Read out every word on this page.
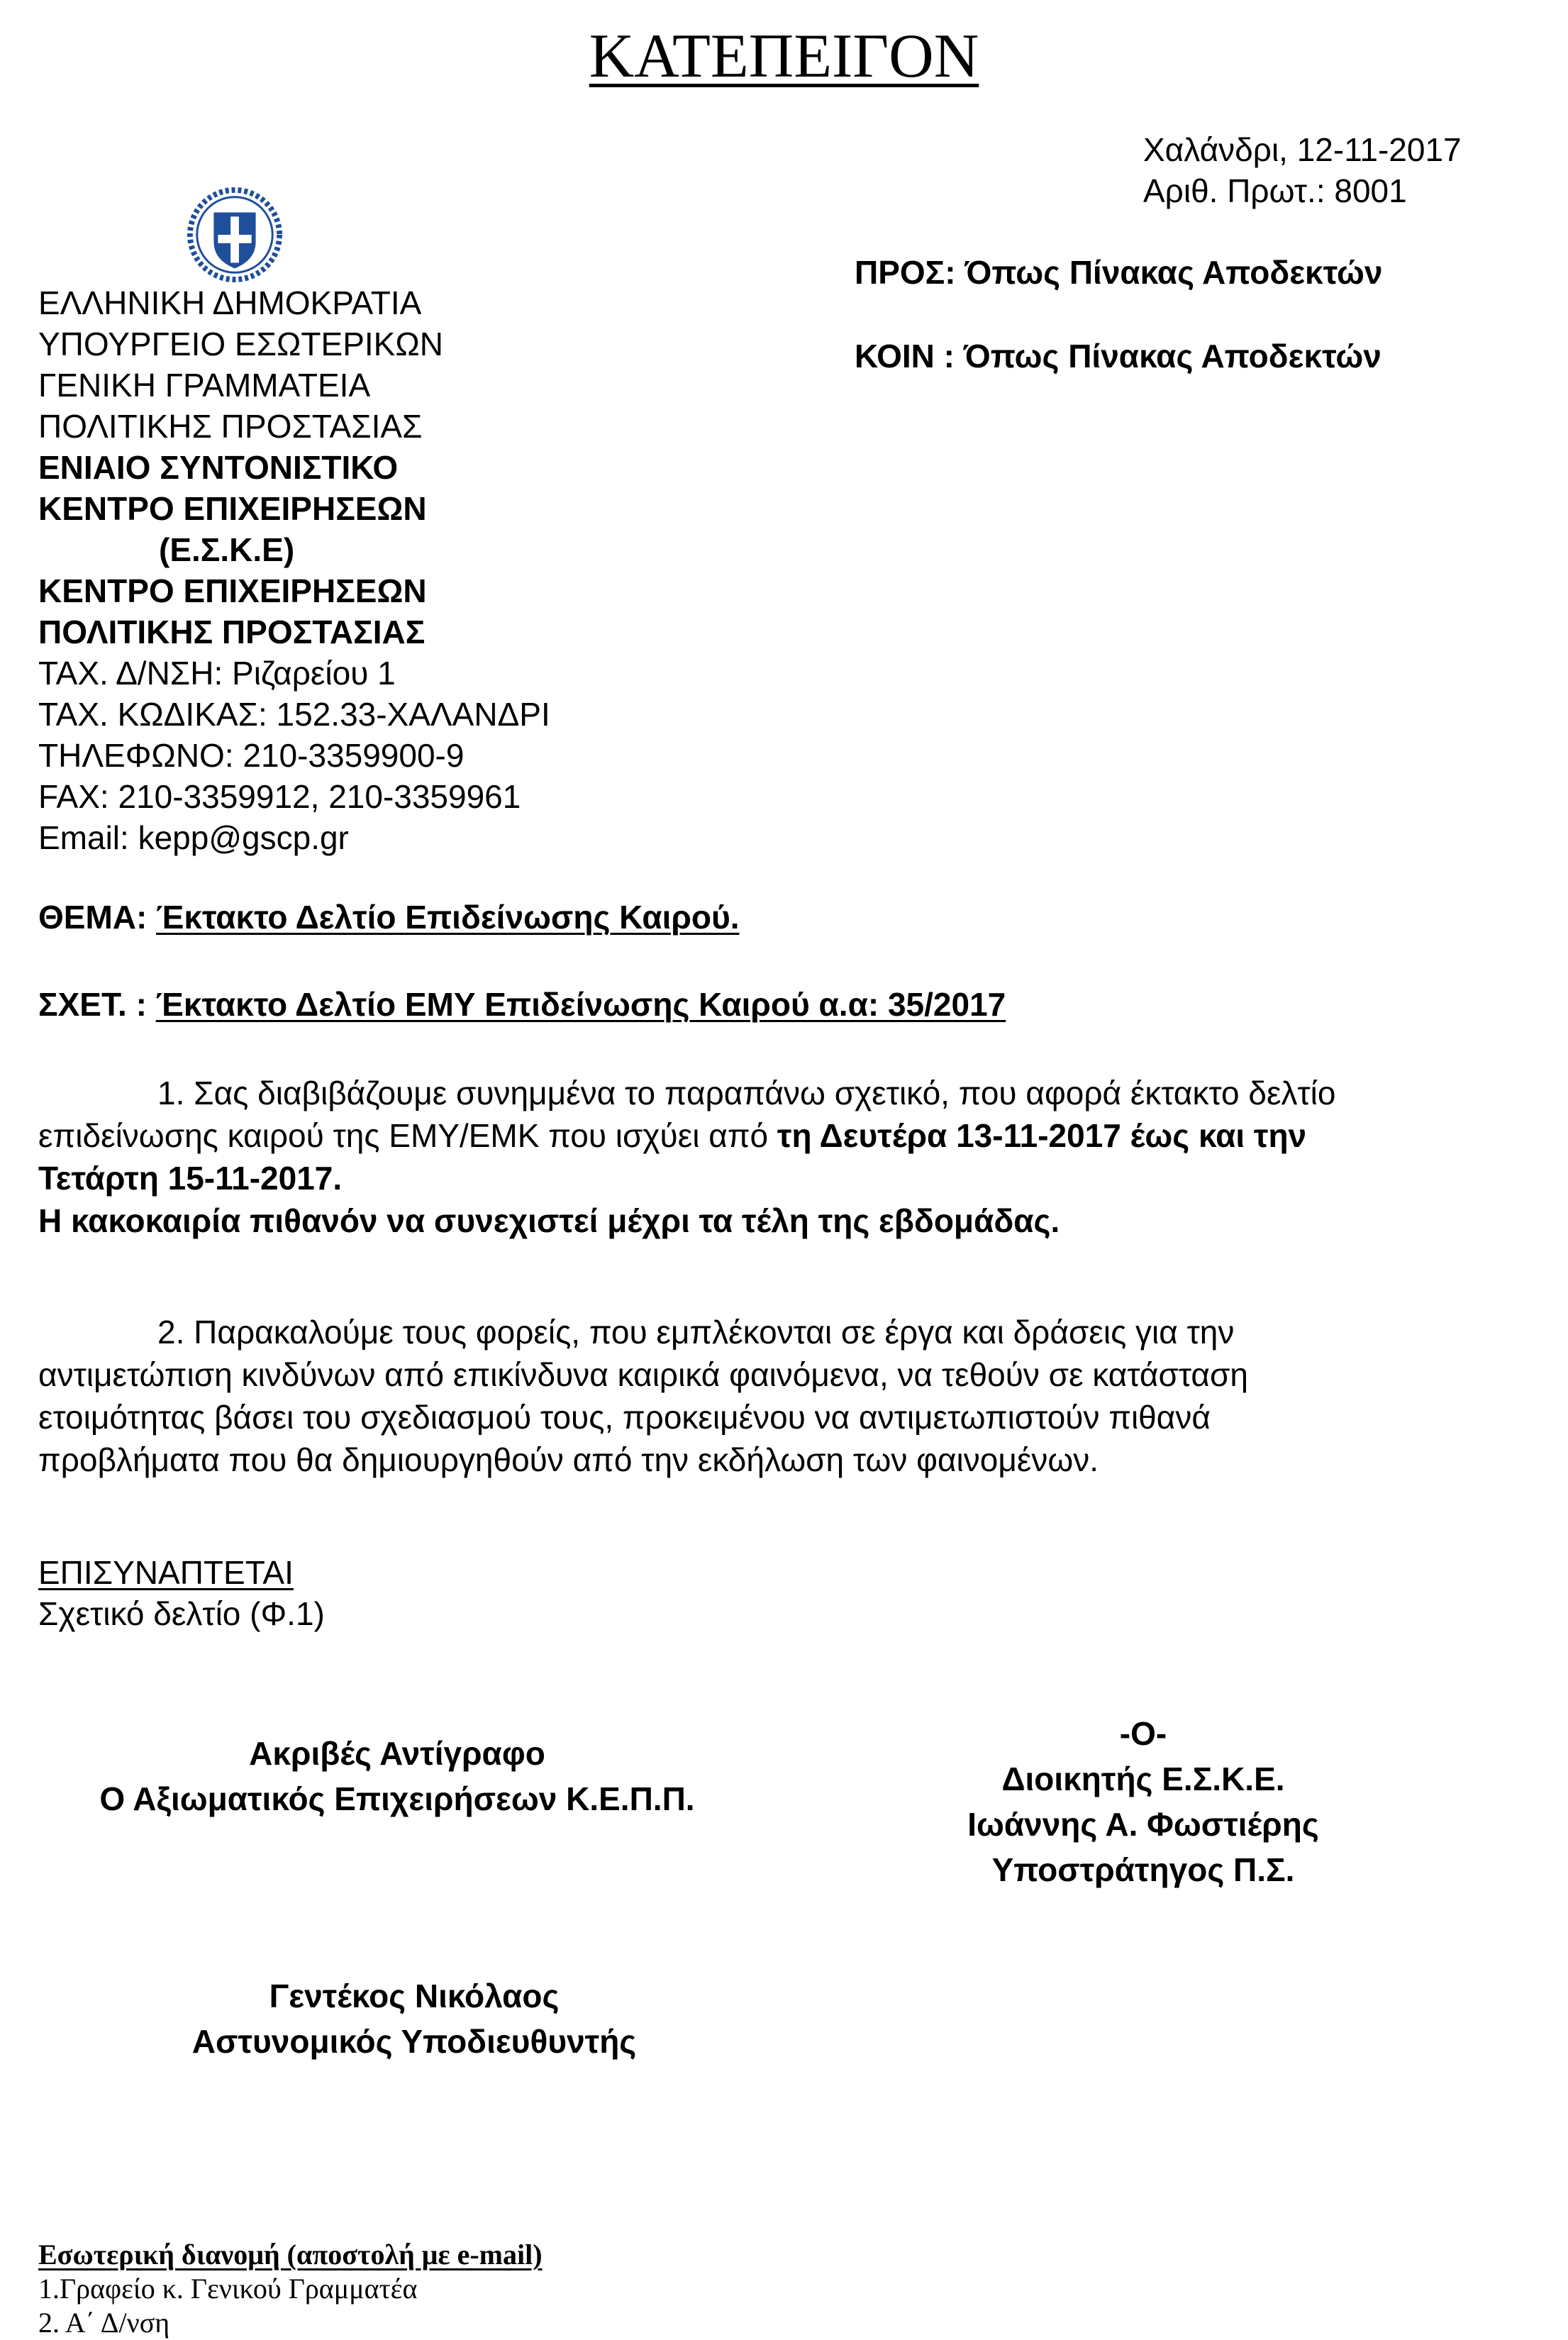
ΚΑΤΕΠΕΙΓΟΝ
ΕΛΛΗΝΙΚΗ ΔΗΜΟΚΡΑΤΙΑ
ΥΠΟΥΡΓΕΙΟ ΕΣΩΤΕΡΙΚΩΝ
ΓΕΝΙΚΗ ΓΡΑΜΜΑΤΕΙΑ
ΠΟΛΙΤΙΚΗΣ ΠΡΟΣΤΑΣΙΑΣ
ΕΝΙΑΙΟ ΣΥΝΤΟΝΙΣΤΙΚΟ
ΚΕΝΤΡΟ ΕΠΙΧΕΙΡΗΣΕΩΝ
(Ε.Σ.Κ.Ε)
ΚΕΝΤΡΟ ΕΠΙΧΕΙΡΗΣΕΩΝ
ΠΟΛΙΤΙΚΗΣ ΠΡΟΣΤΑΣΙΑΣ
ΤΑΧ. Δ/ΝΣΗ: Ριζαρείου 1
ΤΑΧ. ΚΩΔΙΚΑΣ: 152.33-ΧΑΛΑΝΔΡΙ
ΤΗΛΕΦΩΝΟ: 210-3359900-9
FAX: 210-3359912, 210-3359961
Email: kepp@gscp.gr
Χαλάνδρι, 12-11-2017
Αριθ. Πρωτ.: 8001
ΠΡΟΣ: Όπως Πίνακας Αποδεκτών
ΚΟΙΝ : Όπως Πίνακας Αποδεκτών
ΘΕΜΑ: Έκτακτο Δελτίο Επιδείνωσης Καιρού.
ΣΧΕΤ. : Έκτακτο Δελτίο ΕΜΥ Επιδείνωσης Καιρού α.α: 35/2017
1. Σας διαβιβάζουμε συνημμένα το παραπάνω σχετικό, που αφορά έκτακτο δελτίο
επιδείνωσης καιρού της ΕΜΥ/ΕΜΚ που ισχύει από τη Δευτέρα 13-11-2017 έως και την
Τετάρτη 15-11-2017.
Η κακοκαιρία πιθανόν να συνεχιστεί μέχρι τα τέλη της εβδομάδας.
2. Παρακαλούμε τους φορείς, που εμπλέκονται σε έργα και δράσεις για την
αντιμετώπιση κινδύνων από επικίνδυνα καιρικά φαινόμενα, να τεθούν σε κατάσταση
ετοιμότητας βάσει του σχεδιασμού τους, προκειμένου να αντιμετωπιστούν πιθανά
προβλήματα που θα δημιουργηθούν από την εκδήλωση των φαινομένων.
ΕΠΙΣΥΝΑΠΤΕΤΑΙ
Σχετικό δελτίο (Φ.1)
Ακριβές Αντίγραφο
Ο Αξιωματικός Επιχειρήσεων Κ.Ε.Π.Π.
-Ο-
Διοικητής Ε.Σ.Κ.Ε.
Ιωάννης Α. Φωστιέρης
Υποστράτηγος Π.Σ.
Γεντέκος Νικόλαος
Αστυνομικός Υποδιευθυντής
Εσωτερική διανομή (αποστολή με e-mail)
1.Γραφείο κ. Γενικού Γραμματέα
2. Α΄ Δ/νση
